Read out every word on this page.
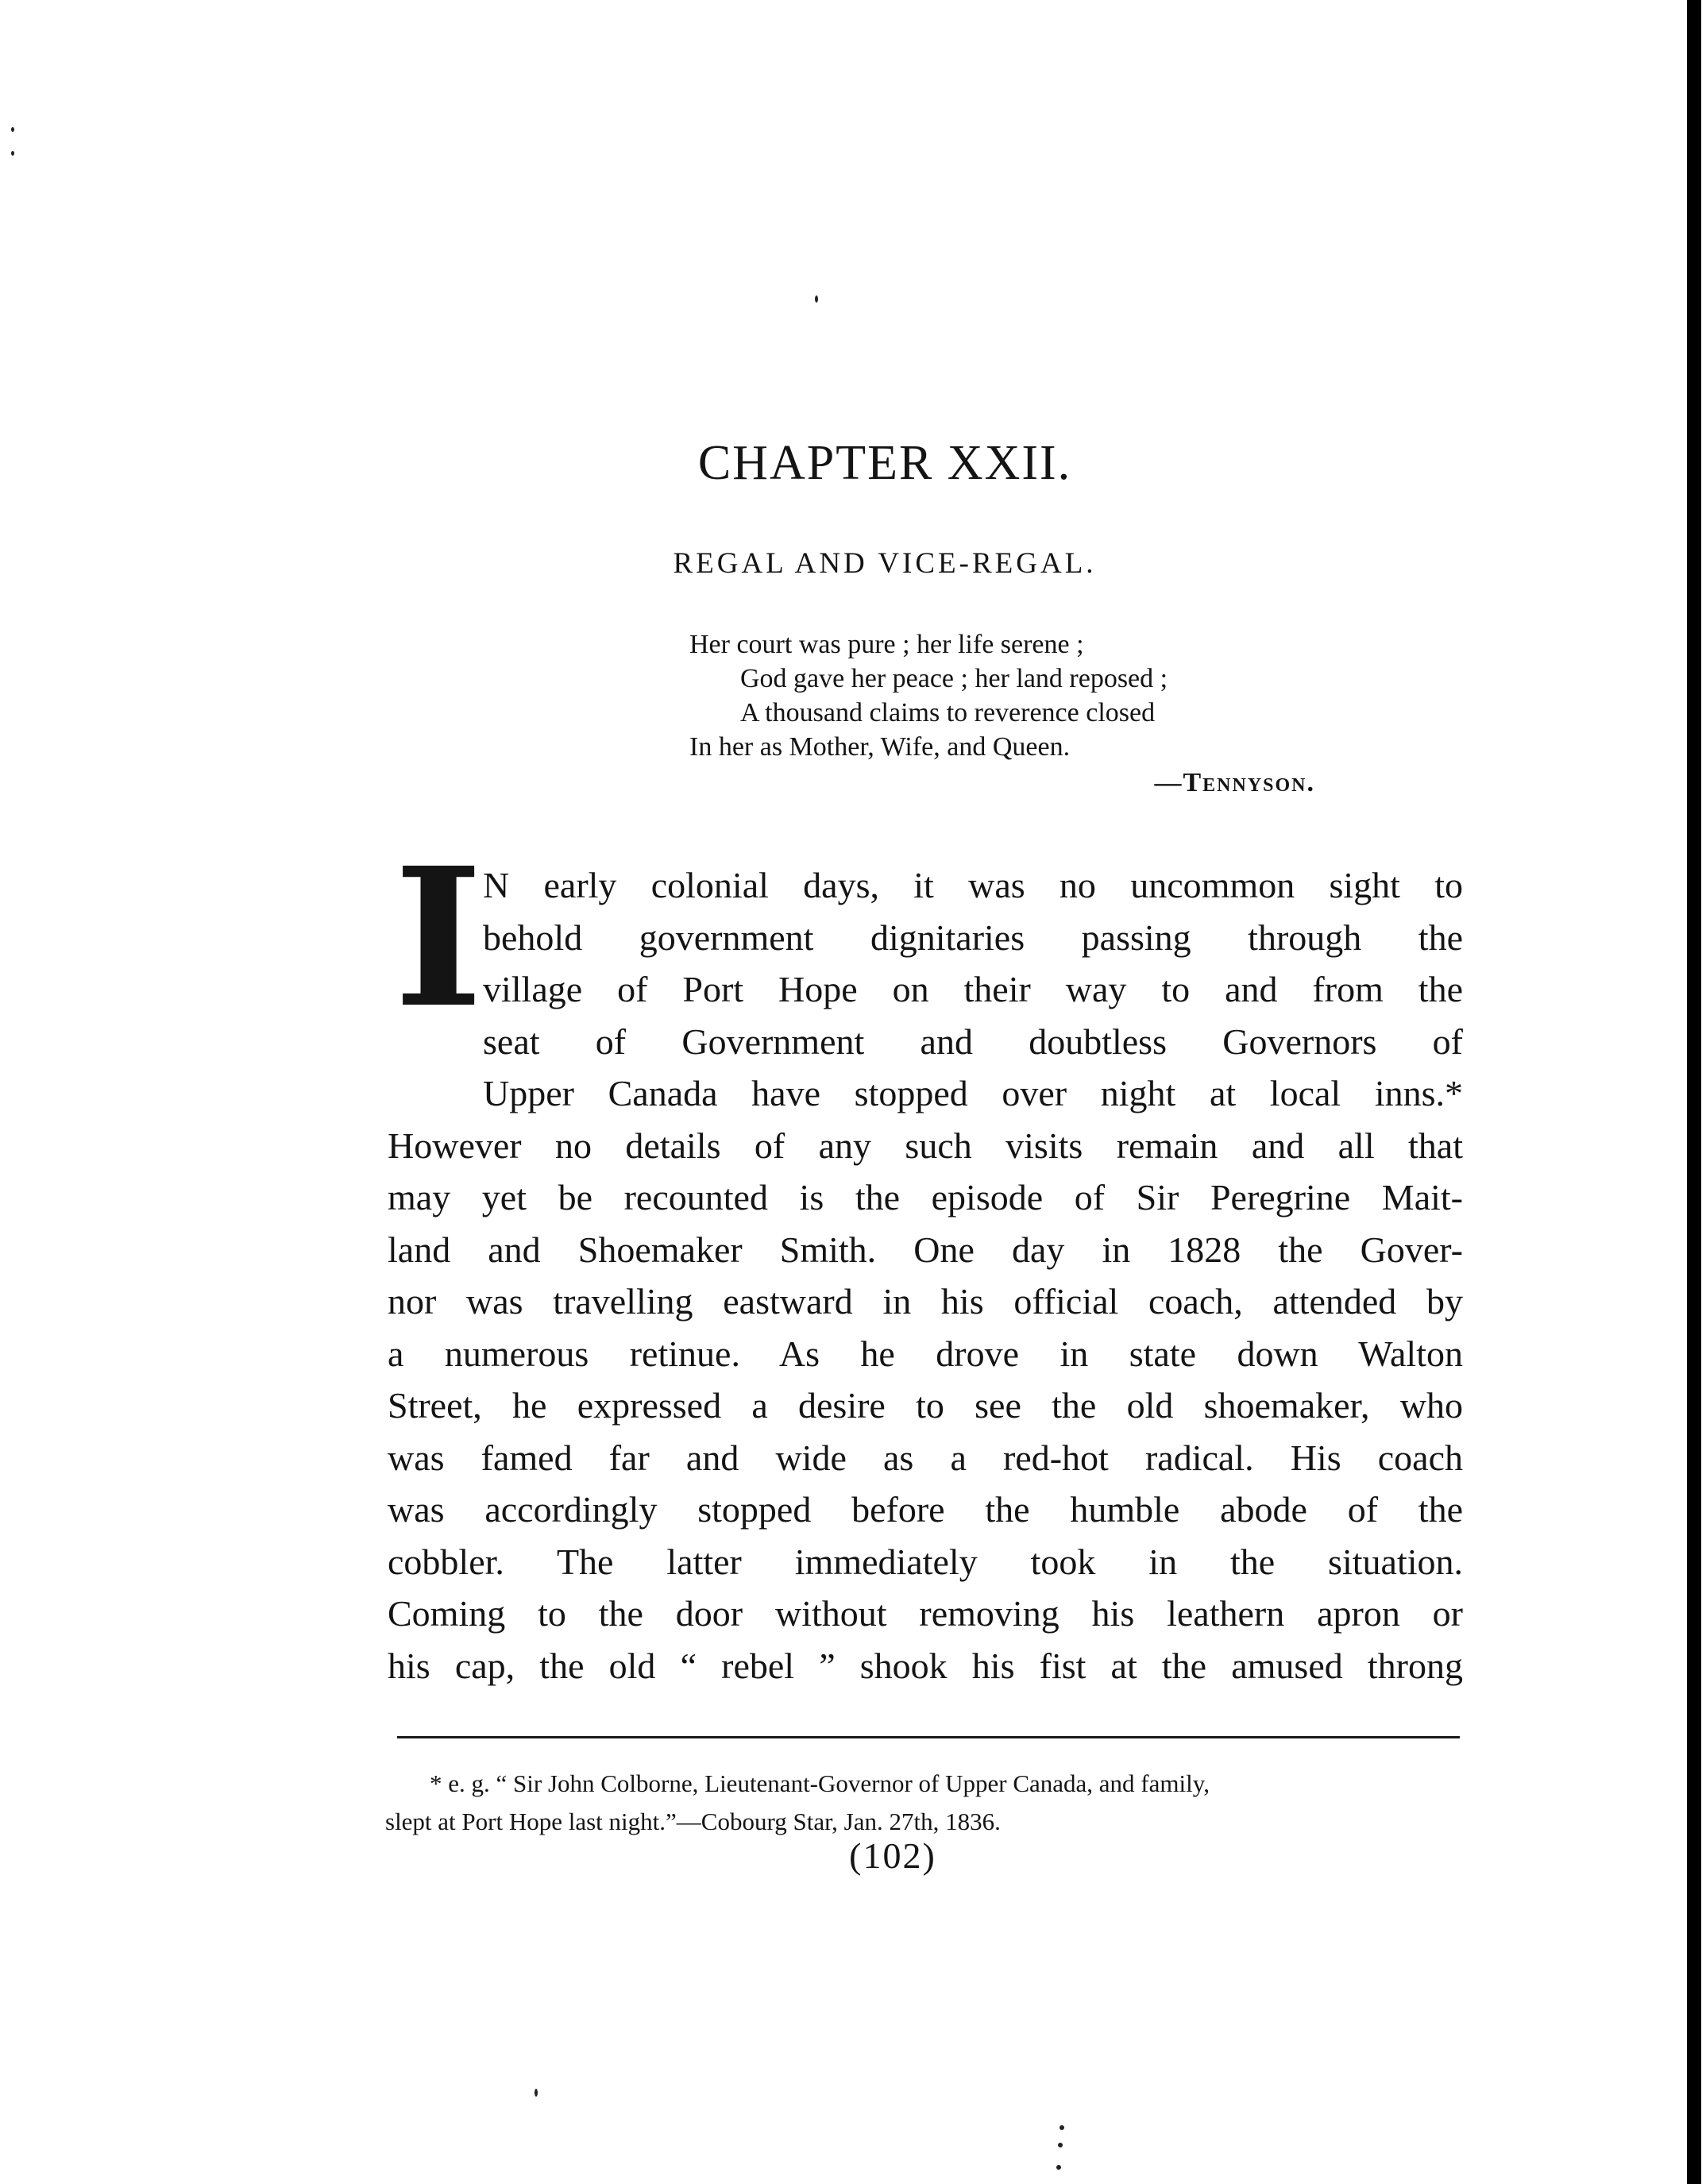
CHAPTER XXII.
REGAL AND VICE-REGAL.
Her court was pure ; her life serene ;
God gave her peace ; her land reposed ;
A thousand claims to reverence closed
In her as Mother, Wife, and Queen.
—Tennyson.
I N early colonial days, it was no uncommon sight to
behold government dignitaries passing through the
village of Port Hope on their way to and from the
seat of Government and doubtless Governors of
Upper Canada have stopped over night at local inns.*
However no details of any such visits remain and all that
may yet be recounted is the episode of Sir Peregrine Mait-
land and Shoemaker Smith. One day in 1828 the Gover-
nor was travelling eastward in his official coach, attended by
a numerous retinue. As he drove in state down Walton
Street, he expressed a desire to see the old shoemaker, who
was famed far and wide as a red-hot radical. His coach
was accordingly stopped before the humble abode of the
cobbler. The latter immediately took in the situation.
Coming to the door without removing his leathern apron or
his cap, the old “ rebel ” shook his fist at the amused throng
* e. g. “ Sir John Colborne, Lieutenant-Governor of Upper Canada, and family,
slept at Port Hope last night.”—Cobourg Star, Jan. 27th, 1836.
(102)
